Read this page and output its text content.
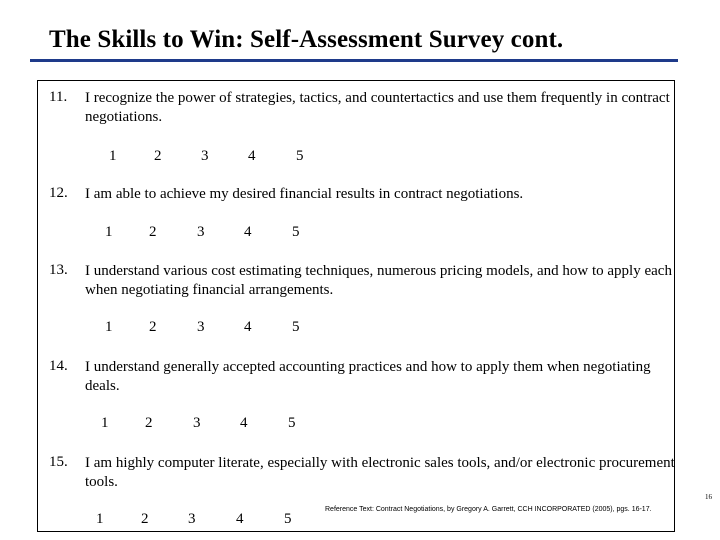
The Skills to Win: Self-Assessment Survey cont.
11. I recognize the power of strategies, tactics, and countertactics and use them frequently in contract negotiations.
1	2	3	4	5
12. I am able to achieve my desired financial results in contract negotiations.
1 2	3	4	5
13. I understand various cost estimating techniques, numerous pricing models, and how to apply each when negotiating financial arrangements.
1 2	3	4	5
14. I understand generally accepted accounting practices and how to apply them when negotiating deals.
1 2	3	4	5
15. I am highly computer literate, especially with electronic sales tools, and/or electronic procurement tools.
1	2	3	4	5
16
Reference Text: Contract Negotiations, by Gregory A. Garrett, CCH INCORPORATED (2005), pgs. 16-17.
